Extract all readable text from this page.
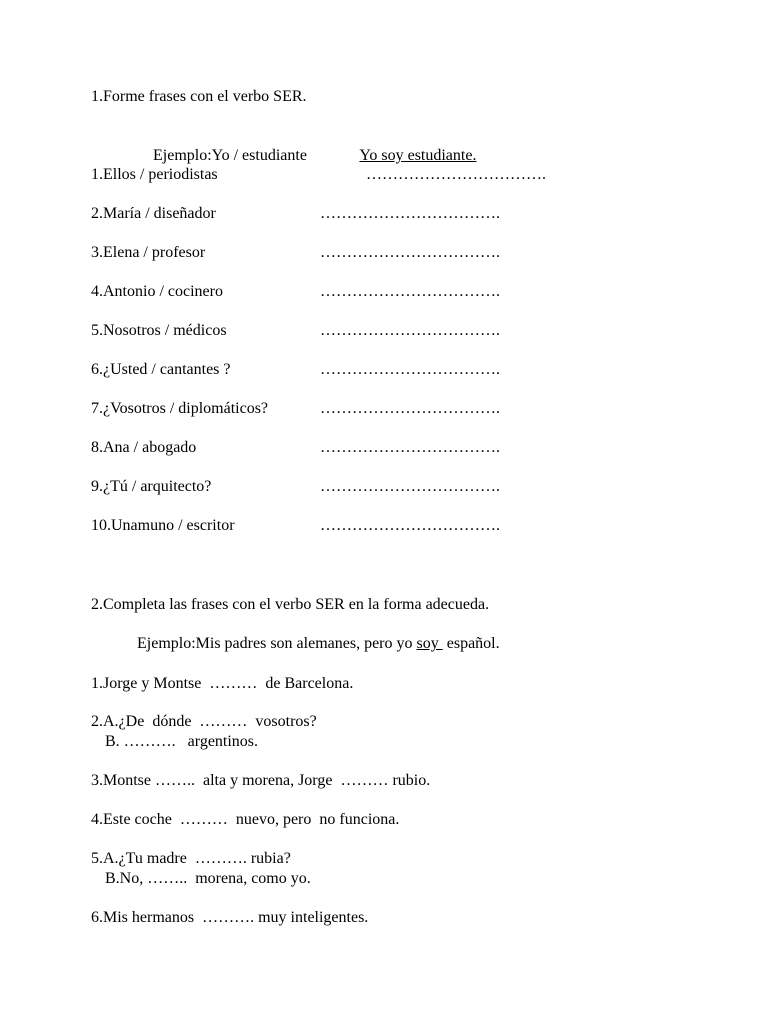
1.Forme frases con el verbo SER.

Ejemplo:Yo / estudiante
	Yo soy estudiante.

1.Ellos / periodistas	…………………………….
2.María / diseñador	…………………………….
3.Elena / profesor	…………………………….
4.Antonio / cocinero	…………………………….
5.Nosotros / médicos	…………………………….
6.¿Usted / cantantes ?	…………………………….
7.¿Vosotros / diplomáticos?	…………………………….
8.Ana / abogado	…………………………….
9.¿Tú / arquitecto?	…………………………….
10.Unamuno / escritor	…………………………….
2.Completa las frases con el verbo SER en la forma adecueda.
Ejemplo:Mis padres son alemanes, pero yo soy  español.
1.Jorge y Montse  ………  de Barcelona.
2.A.¿De  dónde  ………  vosotros?
B. ……….   argentinos.
3.Montse ……..  alta y morena, Jorge  ……… rubio.
4.Este coche  ………  nuevo, pero  no funciona.
5.A.¿Tu madre  ………. rubia?
B.No, ……..  morena, como yo.
6.Mis hermanos  ………. muy inteligentes.
